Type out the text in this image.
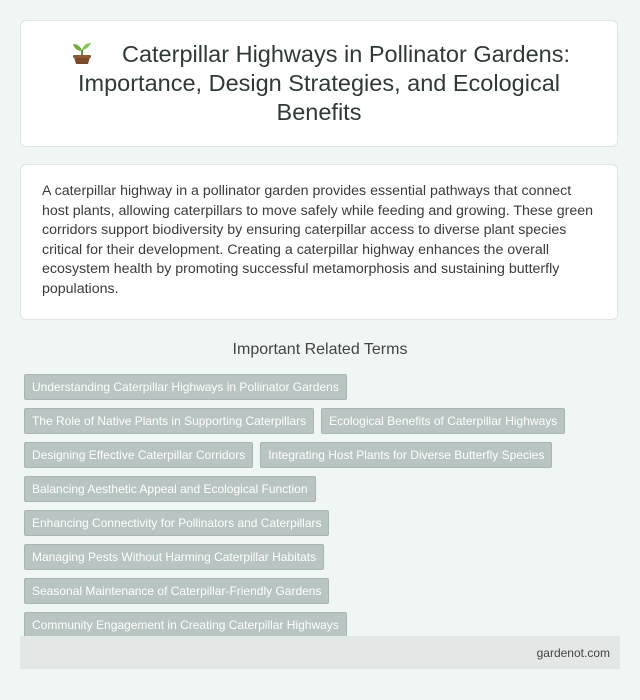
Caterpillar Highways in Pollinator Gardens: Importance, Design Strategies, and Ecological Benefits

A caterpillar highway in a pollinator garden provides essential pathways that connect host plants, allowing caterpillars to move safely while feeding and growing. These green corridors support biodiversity by ensuring caterpillar access to diverse plant species critical for their development. Creating a caterpillar highway enhances the overall ecosystem health by promoting successful metamorphosis and sustaining butterfly populations.

Important Related Terms
Understanding Caterpillar Highways in Pollinator Gardens
The Role of Native Plants in Supporting Caterpillars	Ecological Benefits of Caterpillar Highways
Designing Effective Caterpillar Corridors	Integrating Host Plants for Diverse Butterfly Species
Balancing Aesthetic Appeal and Ecological Function
Enhancing Connectivity for Pollinators and Caterpillars
Managing Pests Without Harming Caterpillar Habitats
Seasonal Maintenance of Caterpillar-Friendly Gardens
Community Engagement in Creating Caterpillar Highways
gardenot.com
